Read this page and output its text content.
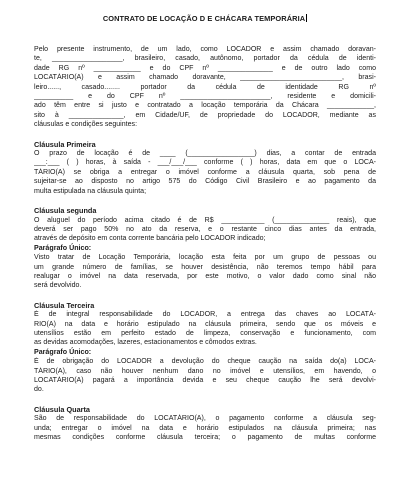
CONTRATO DE LOCAÇÃO D E CHÁCARA TEMPORÁRIA
Pelo presente instrumento, de um lado, como LOCADOR e assim chamado doravan-
te, __________________, brasileiro, casado, autônomo, portador da cédula de identi-
dade RG nº ____________ e do CPF nº ______________ e de outro lado como
LOCATÁRIO(A) e assim chamado doravante, __________________________, brasi-
leiro......, casado........ portador da cédula de identidade RG nº
__________ e do CPF nº _______________________, residente e domicili-
ado têm entre si justo e contratado a locação temporária da Chácara ____________,
sito à ______________, em Cidade/UF, de propriedade do LOCADOR, mediante as
cláusulas e condições seguintes:

Cláusula Primeira

O prazo de locação é de ____ (_________________) dias, a contar de entrada
___:___ ( ) horas, à saída - ___/___/___ conforme ( ) horas, data em que o LOCA-
TÁRIO(A) se obriga a entregar o imóvel conforme a cláusula quarta, sob pena de
sujeitar-se ao disposto no artigo 575 do Código Civil Brasileiro e ao pagamento da
multa estipulada na cláusula quinta;

Cláusula segunda

O aluguel do período acima citado é de R$ ___________ (______________ reais), que
deverá ser pago 50% no ato da reserva, e o restante cinco dias antes da entrada,
através de depósito em conta corrente bancária pelo LOCADOR indicado;

Parágrafo Único:

Visto tratar de Locação Temporária, locação esta feita por um grupo de pessoas ou
um grande número de famílias, se houver desistência, não teremos tempo hábil para
realugar o imóvel na data reservada, por este motivo, o valor dado como sinal não
será devolvido.

Cláusula Terceira

É de integral responsabilidade do LOCADOR, a entrega das chaves ao LOCATÁ-
RIO(A) na data e horário estipulado na cláusula primeira, sendo que os móveis e
utensílios estão em perfeito estado de limpeza, conservação e funcionamento, com
as devidas acomodações, lazeres, estacionamentos e cômodos extras.

Parágrafo Único:

É de obrigação do LOCADOR a devolução do cheque caução na saída do(a) LOCA-
TÁRIO(A), caso não houver nenhum dano no imóvel e utensílios, em havendo, o
LOCATÁRIO(A) pagará a importância devida e seu cheque caução lhe será devolvi-
do.

Cláusula Quarta

São de responsabilidade do LOCATÁRIO(A), o pagamento conforme a cláusula seg-
unda; entregar o imóvel na data e horário estipulados na cláusula primeira; nas
mesmas condições conforme cláusula terceira; o pagamento de multas conforme
